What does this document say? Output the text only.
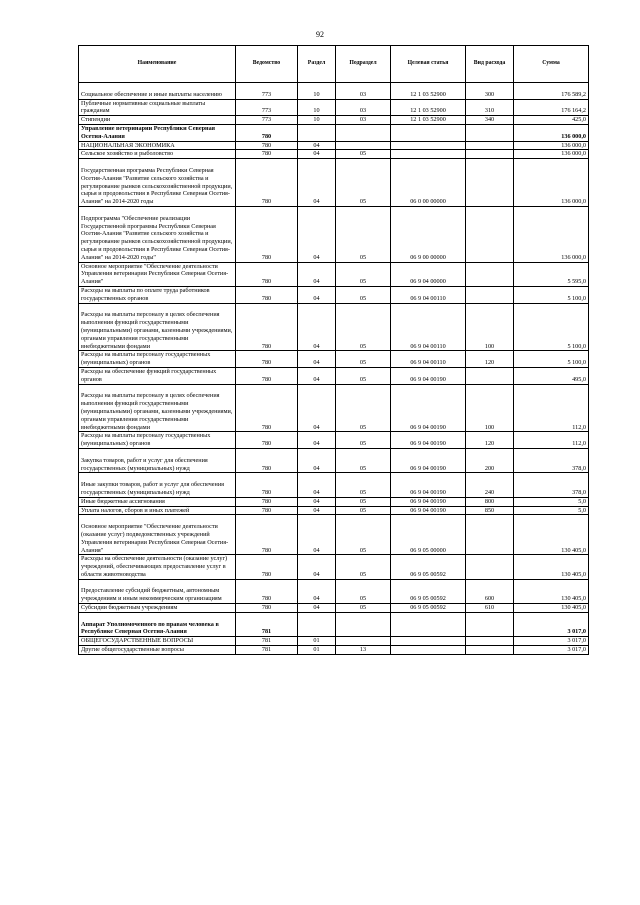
92
Наименование	Ведомство	Раздел	Подраздел	Целевая статья	Вид расхода	Сумма
Социальное обеспечение и иные выплаты населению	773	10	03	12 1 03 52900	300	176 589,2
Публичные нормативные социальные выплаты гражданам	773	10	03	12 1 03 52900	310	176 164,2
Стипендии	773	10	03	12 1 03 52900	340	425,0
Управление ветеринарии Республики Северная Осетия-Алания	780					136 000,0
НАЦИОНАЛЬНАЯ ЭКОНОМИКА	780	04				136 000,0
Сельское хозяйство и рыболовство	780	04	05			136 000,0
Государственная программа Республики Северная Осетия-Алания "Развитие сельского хозяйства и регулирование рынков сельскохозяйственной продукции, сырья и продовольствия в Республике Северная Осетия-Алания" на 2014-2020 годы	780	04	05	06 0 00 00000		136 000,0
Подпрограмма "Обеспечение реализации Государственной программы Республики Северная Осетия-Алания "Развитие сельского хозяйства и регулирование рынков сельскохозяйственной продукции, сырья и продовольствия в Республике Северная Осетия-Алания" на 2014-2020 годы"	780	04	05	06 9 00 00000		136 000,0
Основное мероприятие "Обеспечение деятельности Управления ветеринарии Республики Северная Осетия-Алания"	780	04	05	06 9 04 00000		5 595,0
Расходы на выплаты по оплате труда работников государственных органов	780	04	05	06 9 04 00110		5 100,0
Расходы на выплаты персоналу в целях обеспечения выполнения функций государственными (муниципальными) органами, казенными учреждениями, органами управления государственными внебюджетными фондами	780	04	05	06 9 04 00110	100	5 100,0
Расходы на выплаты персоналу государственных (муниципальных) органов	780	04	05	06 9 04 00110	120	5 100,0
Расходы на обеспечение функций государственных органов	780	04	05	06 9 04 00190		495,0
Расходы на выплаты персоналу в целях обеспечения выполнения функций государственными (муниципальными) органами, казенными учреждениями, органами управления государственными внебюджетными фондами	780	04	05	06 9 04 00190	100	112,0
Расходы на выплаты персоналу государственных (муниципальных) органов	780	04	05	06 9 04 00190	120	112,0
Закупка товаров, работ и услуг для обеспечения государственных (муниципальных) нужд	780	04	05	06 9 04 00190	200	378,0
Иные закупки товаров, работ и услуг для обеспечения государственных (муниципальных) нужд	780	04	05	06 9 04 00190	240	378,0
Иные бюджетные ассигнования	780	04	05	06 9 04 00190	800	5,0
Уплата налогов, сборов и иных платежей	780	04	05	06 9 04 00190	850	5,0
Основное мероприятие "Обеспечение деятельности (оказание услуг) подведомственных учреждений Управления ветеринарии Республики Северная Осетия-Алания"	780	04	05	06 9 05 00000		130 405,0
Расходы на обеспечение деятельности (оказание услуг) учреждений, обеспечивающих предоставление услуг в области животноводства	780	04	05	06 9 05 00592		130 405,0
Предоставление субсидий бюджетным, автономным учреждениям и иным некоммерческим организациям	780	04	05	06 9 05 00592	600	130 405,0
Субсидии бюджетным учреждениям	780	04	05	06 9 05 00592	610	130 405,0
Аппарат Уполномоченного по правам человека в Республике Северная Осетия-Алания	781					3 017,0
ОБЩЕГОСУДАРСТВЕННЫЕ ВОПРОСЫ	781	01				3 017,0
Другие общегосударственные вопросы	781	01	13			3 017,0
